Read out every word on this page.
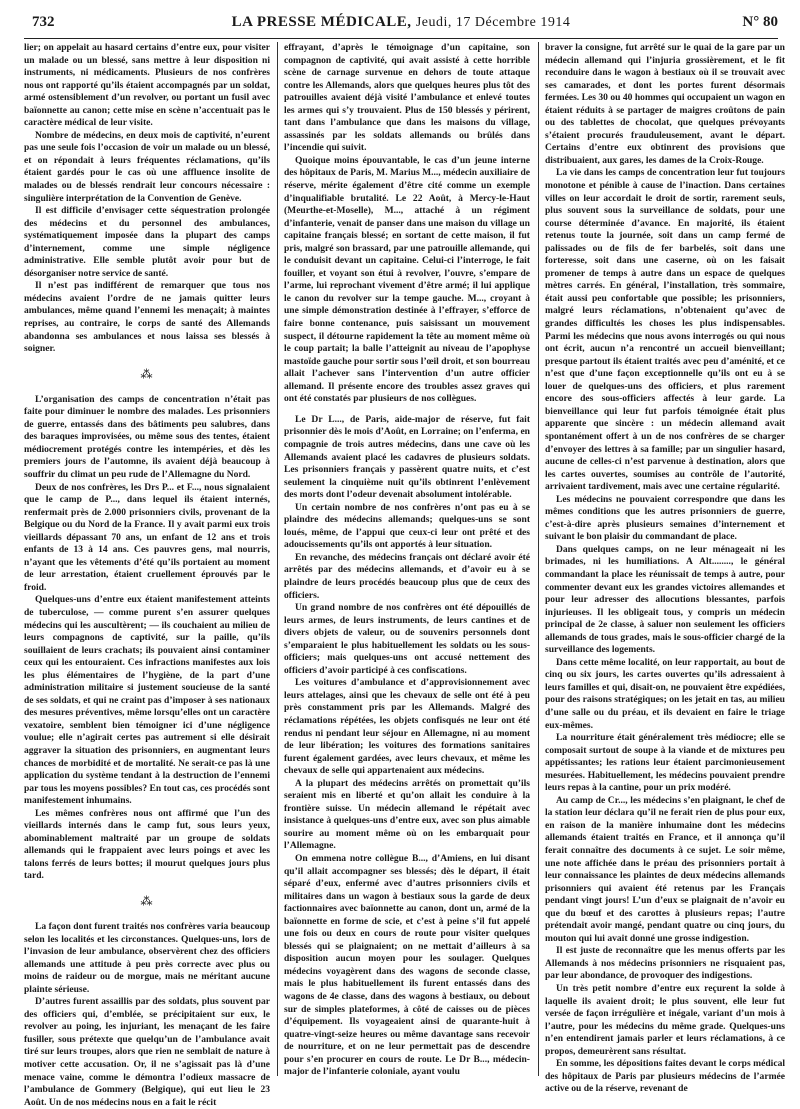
732	LA PRESSE MÉDICALE, Jeudi, 17 Décembre 1914	N° 80

lier; on appelait au hasard certains d’entre eux, pour visiter un malade ou un blessé, sans mettre à leur disposition ni instruments, ni médicaments. Plusieurs de nos confrères nous ont rapporté qu’ils étaient accompagnés par un soldat, armé ostensiblement d’un revolver, ou portant un fusil avec baïonnette au canon; cette mise en scène n’accentuait pas le caractère médical de leur visite.

Nombre de médecins, en deux mois de captivité, n’eurent pas une seule fois l’occasion de voir un malade ou un blessé, et on répondait à leurs fréquentes réclamations, qu’ils étaient gardés pour le cas où une affluence insolite de malades ou de blessés rendrait leur concours nécessaire : singulière interprétation de la Convention de Genève.

Il est difficile d’envisager cette séquestration prolongée des médecins et du personnel des ambulances, systématiquement imposée dans la plupart des camps d’internement, comme une simple négligence administrative. Elle semble plutôt avoir pour but de désorganiser notre service de santé.

Il n’est pas indifférent de remarquer que tous nos médecins avaient l’ordre de ne jamais quitter leurs ambulances, même quand l’ennemi les menaçait; à maintes reprises, au contraire, le corps de santé des Allemands abandonna ses ambulances et nous laissa ses blessés à soigner.

⁂

L’organisation des camps de concentration n’était pas faite pour diminuer le nombre des malades. Les prisonniers de guerre, entassés dans des bâtiments peu salubres, dans des baraques improvisées, ou même sous des tentes, étaient médiocrement protégés contre les intempéries, et dès les premiers jours de l’automne, ils avaient déjà beaucoup à souffrir du climat un peu rude de l’Allemagne du Nord.

Deux de nos confrères, les Drs P... et F..., nous signalaient que le camp de P..., dans lequel ils étaient internés, renfermait près de 2.000 prisonniers civils, provenant de la Belgique ou du Nord de la France. Il y avait parmi eux trois vieillards dépassant 70 ans, un enfant de 12 ans et trois enfants de 13 à 14 ans. Ces pauvres gens, mal nourris, n’ayant que les vêtements d’été qu’ils portaient au moment de leur arrestation, étaient cruellement éprouvés par le froid.

Quelques-uns d’entre eux étaient manifestement atteints de tuberculose, — comme purent s’en assurer quelques médecins qui les auscultèrent; — ils couchaient au milieu de leurs compagnons de captivité, sur la paille, qu’ils souillaient de leurs crachats; ils pouvaient ainsi contaminer ceux qui les entouraient. Ces infractions manifestes aux lois les plus élémentaires de l’hygiène, de la part d’une administration militaire si justement soucieuse de la santé de ses soldats, et qui ne craint pas d’imposer à ses nationaux des mesures préventives, même lorsqu’elles ont un caractère vexatoire, semblent bien témoigner ici d’une négligence voulue; elle n’agirait certes pas autrement si elle désirait aggraver la situation des prisonniers, en augmentant leurs chances de morbidité et de mortalité. Ne serait-ce pas là une application du système tendant à la destruction de l’ennemi par tous les moyens possibles? En tout cas, ces procédés sont manifestement inhumains.

Les mêmes confrères nous ont affirmé que l’un des vieillards internés dans le camp fut, sous leurs yeux, abominablement maltraité par un groupe de soldats allemands qui le frappaient avec leurs poings et avec les talons ferrés de leurs bottes; il mourut quelques jours plus tard.

⁂

La façon dont furent traités nos confrères varia beaucoup selon les localités et les circonstances. Quelques-uns, lors de l’invasion de leur ambulance, observèrent chez des officiers allemands une attitude à peu près correcte avec plus ou moins de raideur ou de morgue, mais ne méritant aucune plainte sérieuse.

D’autres furent assaillis par des soldats, plus souvent par des officiers qui, d’emblée, se précipitaient sur eux, le revolver au poing, les injuriant, les menaçant de les faire fusiller, sous prétexte que quelqu’un de l’ambulance avait tiré sur leurs troupes, alors que rien ne semblait de nature à motiver cette accusation. Or, il ne s’agissait pas là d’une menace vaine, comme le démontra l’odieux massacre de l’ambulance de Gommery (Belgique), qui eut lieu le 23 Août. Un de nos médecins nous en a fait le récit

effrayant, d’après le témoignage d’un capitaine, son compagnon de captivité, qui avait assisté à cette horrible scène de carnage survenue en dehors de toute attaque contre les Allemands, alors que quelques heures plus tôt des patrouilles avaient déjà visité l’ambulance et enlevé toutes les armes qui s’y trouvaient. Plus de 150 blessés y périrent, tant dans l’ambulance que dans les maisons du village, assassinés par les soldats allemands ou brûlés dans l’incendie qui suivit.

Quoique moins épouvantable, le cas d’un jeune interne des hôpitaux de Paris, M. Marius M..., médecin auxiliaire de réserve, mérite également d’être cité comme un exemple d’inqualifiable brutalité. Le 22 Août, à Mercy-le-Haut (Meurthe-et-Moselle), M..., attaché à un régiment d’infanterie, venait de panser dans une maison du village un capitaine français blessé; en sortant de cette maison, il fut pris, malgré son brassard, par une patrouille allemande, qui le conduisit devant un capitaine. Celui-ci l’interroge, le fait fouiller, et voyant son étui à revolver, l’ouvre, s’empare de l’arme, lui reprochant vivement d’être armé; il lui applique le canon du revolver sur la tempe gauche. M..., croyant à une simple démonstration destinée à l’effrayer, s’efforce de faire bonne contenance, puis saisissant un mouvement suspect, il détourne rapidement la tête au moment même où le coup partait; la balle l’atteignit au niveau de l’apophyse mastoïde gauche pour sortir sous l’œil droit, et son bourreau allait l’achever sans l’intervention d’un autre officier allemand. Il présente encore des troubles assez graves qui ont été constatés par plusieurs de nos collègues.

Le Dr L..., de Paris, aide-major de réserve, fut fait prisonnier dès le mois d’Août, en Lorraine; on l’enferma, en compagnie de trois autres médecins, dans une cave où les Allemands avaient placé les cadavres de plusieurs soldats. Les prisonniers français y passèrent quatre nuits, et c’est seulement la cinquième nuit qu’ils obtinrent l’enlèvement des morts dont l’odeur devenait absolument intolérable.

Un certain nombre de nos confrères n’ont pas eu à se plaindre des médecins allemands; quelques-uns se sont loués, même, de l’appui que ceux-ci leur ont prêté et des adoucissements qu’ils ont apportés à leur situation.

En revanche, des médecins français ont déclaré avoir été arrêtés par des médecins allemands, et d’avoir eu à se plaindre de leurs procédés beaucoup plus que de ceux des officiers.

Un grand nombre de nos confrères ont été dépouillés de leurs armes, de leurs instruments, de leurs cantines et de divers objets de valeur, ou de souvenirs personnels dont s’emparaient le plus habituellement les soldats ou les sous-officiers; mais quelques-uns ont accusé nettement des officiers d’avoir participé à ces confiscations.

Les voitures d’ambulance et d’approvisionnement avec leurs attelages, ainsi que les chevaux de selle ont été à peu près constamment pris par les Allemands. Malgré des réclamations répétées, les objets confisqués ne leur ont été rendus ni pendant leur séjour en Allemagne, ni au moment de leur libération; les voitures des formations sanitaires furent également gardées, avec leurs chevaux, et même les chevaux de selle qui appartenaient aux médecins.

A la plupart des médecins arrêtés on promettait qu’ils seraient mis en liberté et qu’on allait les conduire à la frontière suisse. Un médecin allemand le répétait avec insistance à quelques-uns d’entre eux, avec son plus aimable sourire au moment même où on les embarquait pour l’Allemagne.

On emmena notre collègue B..., d’Amiens, en lui disant qu’il allait accompagner ses blessés; dès le départ, il était séparé d’eux, enfermé avec d’autres prisonniers civils et militaires dans un wagon à bestiaux sous la garde de deux factionnaires avec baïonnette au canon, dont un, armé de la baïonnette en forme de scie, et c’est à peine s’il fut appelé une fois ou deux en cours de route pour visiter quelques blessés qui se plaignaient; on ne mettait d’ailleurs à sa disposition aucun moyen pour les soulager. Quelques médecins voyagèrent dans des wagons de seconde classe, mais le plus habituellement ils furent entassés dans des wagons de 4e classe, dans des wagons à bestiaux, ou debout sur de simples plateformes, à côté de caisses ou de pièces d’équipement. Ils voyageaient ainsi de quarante-huit à quatre-vingt-seize heures ou même davantage sans recevoir de nourriture, et on ne leur permettait pas de descendre pour s’en procurer en cours de route. Le Dr B..., médecin-major de l’infanterie coloniale, ayant voulu

braver la consigne, fut arrêté sur le quai de la gare par un médecin allemand qui l’injuria grossièrement, et le fit reconduire dans le wagon à bestiaux où il se trouvait avec ses camarades, et dont les portes furent désormais fermées. Les 30 ou 40 hommes qui occupaient un wagon en étaient réduits à se partager de maigres croûtons de pain ou des tablettes de chocolat, que quelques prévoyants s’étaient procurés frauduleusement, avant le départ. Certains d’entre eux obtinrent des provisions que distribuaient, aux gares, les dames de la Croix-Rouge.

La vie dans les camps de concentration leur fut toujours monotone et pénible à cause de l’inaction. Dans certaines villes on leur accordait le droit de sortir, rarement seuls, plus souvent sous la surveillance de soldats, pour une course déterminée d’avance. En majorité, ils étaient retenus toute la journée, soit dans un camp fermé de palissades ou de fils de fer barbelés, soit dans une forteresse, soit dans une caserne, où on les faisait promener de temps à autre dans un espace de quelques mètres carrés. En général, l’installation, très sommaire, était aussi peu confortable que possible; les prisonniers, malgré leurs réclamations, n’obtenaient qu’avec de grandes difficultés les choses les plus indispensables. Parmi les médecins que nous avons interrogés ou qui nous ont écrit, aucun n’a rencontré un accueil bienveillant; presque partout ils étaient traités avec peu d’aménité, et ce n’est que d’une façon exceptionnelle qu’ils ont eu à se louer de quelques-uns des officiers, et plus rarement encore des sous-officiers affectés à leur garde. La bienveillance qui leur fut parfois témoignée était plus apparente que sincère : un médecin allemand avait spontanément offert à un de nos confrères de se charger d’envoyer des lettres à sa famille; par un singulier hasard, aucune de celles-ci n’est parvenue à destination, alors que les cartes ouvertes, soumises au contrôle de l’autorité, arrivaient tardivement, mais avec une certaine régularité.

Les médecins ne pouvaient correspondre que dans les mêmes conditions que les autres prisonniers de guerre, c’est-à-dire après plusieurs semaines d’internement et suivant le bon plaisir du commandant de place.

Dans quelques camps, on ne leur ménageait ni les brimades, ni les humiliations. A Alt........, le général commandant la place les réunissait de temps à autre, pour commenter devant eux les grandes victoires allemandes et pour leur adresser des allocutions blessantes, parfois injurieuses. Il les obligeait tous, y compris un médecin principal de 2e classe, à saluer non seulement les officiers allemands de tous grades, mais le sous-officier chargé de la surveillance des logements.

Dans cette même localité, on leur rapportait, au bout de cinq ou six jours, les cartes ouvertes qu’ils adressaient à leurs familles et qui, disait-on, ne pouvaient être expédiées, pour des raisons stratégiques; on les jetait en tas, au milieu d’une salle ou du préau, et ils devaient en faire le triage eux-mêmes.

La nourriture était généralement très médiocre; elle se composait surtout de soupe à la viande et de mixtures peu appétissantes; les rations leur étaient parcimonieusement mesurées. Habituellement, les médecins pouvaient prendre leurs repas à la cantine, pour un prix modéré.

Au camp de Cr..., les médecins s’en plaignant, le chef de la station leur déclara qu’il ne ferait rien de plus pour eux, en raison de la manière inhumaine dont les médecins allemands étaient traités en France, et il annonça qu’il ferait connaître des documents à ce sujet. Le soir même, une note affichée dans le préau des prisonniers portait à leur connaissance les plaintes de deux médecins allemands prisonniers qui avaient été retenus par les Français pendant vingt jours! L’un d’eux se plaignait de n’avoir eu que du bœuf et des carottes à plusieurs repas; l’autre prétendait avoir mangé, pendant quatre ou cinq jours, du mouton qui lui avait donné une grosse indigestion.

Il est juste de reconnaître que les menus offerts par les Allemands à nos médecins prisonniers ne risquaient pas, par leur abondance, de provoquer des indigestions.

Un très petit nombre d’entre eux reçurent la solde à laquelle ils avaient droit; le plus souvent, elle leur fut versée de façon irrégulière et inégale, variant d’un mois à l’autre, pour les médecins du même grade. Quelques-uns n’en entendirent jamais parler et leurs réclamations, à ce propos, demeurèrent sans résultat.

En somme, les dépositions faites devant le corps médical des hôpitaux de Paris par plusieurs médecins de l’armée active ou de la réserve, revenant de
